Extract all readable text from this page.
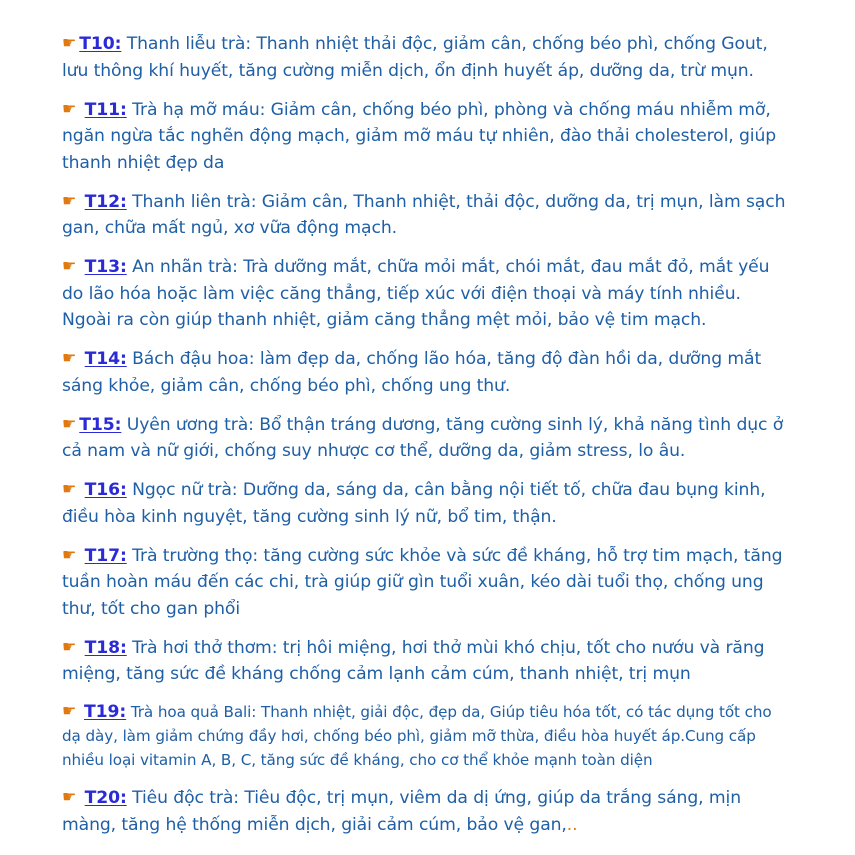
☛ T10: Thanh liễu trà: Thanh nhiệt thải độc, giảm cân, chống béo phì, chống Gout, lưu thông khí huyết, tăng cường miễn dịch, ổn định huyết áp, dưỡng da, trừ mụn.
☛ T11: Trà hạ mỡ máu: Giảm cân, chống béo phì, phòng và chống máu nhiễm mỡ, ngăn ngừa tắc nghẽn động mạch, giảm mỡ máu tự nhiên, đào thải cholesterol, giúp thanh nhiệt đẹp da
☛ T12: Thanh liên trà: Giảm cân, Thanh nhiệt, thải độc, dưỡng da, trị mụn, làm sạch gan, chữa mất ngủ, xơ vữa động mạch.
☛ T13: An nhãn trà: Trà dưỡng mắt, chữa mỏi mắt, chói mắt, đau mắt đỏ, mắt yếu do lão hóa hoặc làm việc căng thẳng, tiếp xúc với điện thoại và máy tính nhiều. Ngoài ra còn giúp thanh nhiệt, giảm căng thẳng mệt mỏi, bảo vệ tim mạch.
☛ T14: Bách đậu hoa: làm đẹp da, chống lão hóa, tăng độ đàn hồi da, dưỡng mắt sáng khỏe, giảm cân, chống béo phì, chống ung thư.
☛ T15: Uyên ương trà: Bổ thận tráng dương, tăng cường sinh lý, khả năng tình dục ở cả nam và nữ giới, chống suy nhược cơ thể, dưỡng da, giảm stress, lo âu.
☛ T16: Ngọc nữ trà: Dưỡng da, sáng da, cân bằng nội tiết tố, chữa đau bụng kinh, điều hòa kinh nguyệt, tăng cường sinh lý nữ, bổ tim, thận.
☛ T17: Trà trường thọ: tăng cường sức khỏe và sức đề kháng, hỗ trợ tim mạch, tăng tuần hoàn máu đến các chi, trà giúp giữ gìn tuổi xuân, kéo dài tuổi thọ, chống ung thư, tốt cho gan phổi
☛ T18: Trà hơi thở thơm: trị hôi miệng, hơi thở mùi khó chịu, tốt cho nướu và răng miệng, tăng sức đề kháng chống cảm lạnh cảm cúm, thanh nhiệt, trị mụn
☛ T19: Trà hoa quả Bali: Thanh nhiệt, giải độc, đẹp da, Giúp tiêu hóa tốt, có tác dụng tốt cho dạ dày, làm giảm chứng đầy hơi, chống béo phì, giảm mỡ thừa, điều hòa huyết áp.Cung cấp nhiều loại vitamin A, B, C, tăng sức đề kháng, cho cơ thể khỏe mạnh toàn diện
☛ T20: Tiêu độc trà: Tiêu độc, trị mụn, viêm da dị ứng, giúp da trắng sáng, mịn màng, tăng hệ thống miễn dịch, giải cảm cúm, bảo vệ gan,..
